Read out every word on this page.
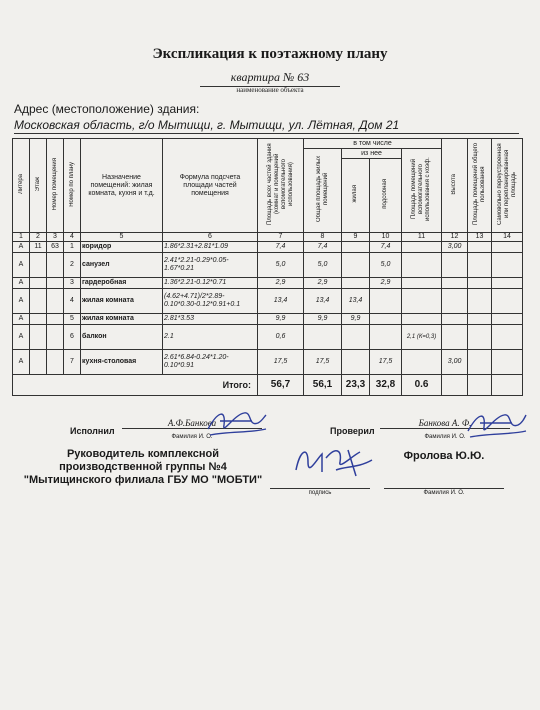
Экспликация к поэтажному плану
квартира № 63
наименование объекта
Адрес (местоположение) здания:
Московская область, г/о Мытищи, г. Мытищи, ул. Лётная, Дом 21
Литера	Этаж	Номер помещения	Номер по плану	Назначение помещений: жилая комната, кухня и т.д.	Формула подсчета площади частей помещения	Площадь всех частей здания (комнат и помещений вспомогательного использования)	в том числе				Высота	Площадь помещений общего пользования	Самовольно переустроенная или перепланированная площадь
							Общая площадь жилых помещений	из нее		Площадь помещений вспомогательного использования с коэф.			
								жилая	подсобная				
1	2	3	4	5	6	7	8	9	10	11	12	13	14
А	11	63	1	коридор	1.86*2.31+2.81*1.09	7,4	7,4		7,4		3,00		
А			2	санузел	2.41*2.21-0.29*0.05-1.67*0.21	5,0	5,0		5,0				
А			3	гардеробная	1.36*2.21-0.12*0.71	2,9	2,9		2,9				
А			4	жилая комната	(4.62+4.71)/2*2.89-0.10*0.30-0.12*0.91+0.1	13,4	13,4	13,4					
А			5	жилая комната	2.81*3.53	9,9	9,9	9,9					
А			6	балкон	2.1	0,6				2,1 (К=0,3)			
А			7	кухня-столовая	2.61*6.84-0.24*1.20-0.10*0.91	17,5	17,5		17,5		3,00		
Итого:						56,7	56,1	23,3	32,8	0.6			
Исполнил
А.Ф.Банкова
Фамилия И. О.
Проверил
Банкова А. Ф.
Фамилия И. О.
Руководитель комплексной производственной группы №4 "Мытищинского филиала ГБУ МО "МОБТИ"
подпись
Фролова Ю.Ю.
Фамилия И. О.
